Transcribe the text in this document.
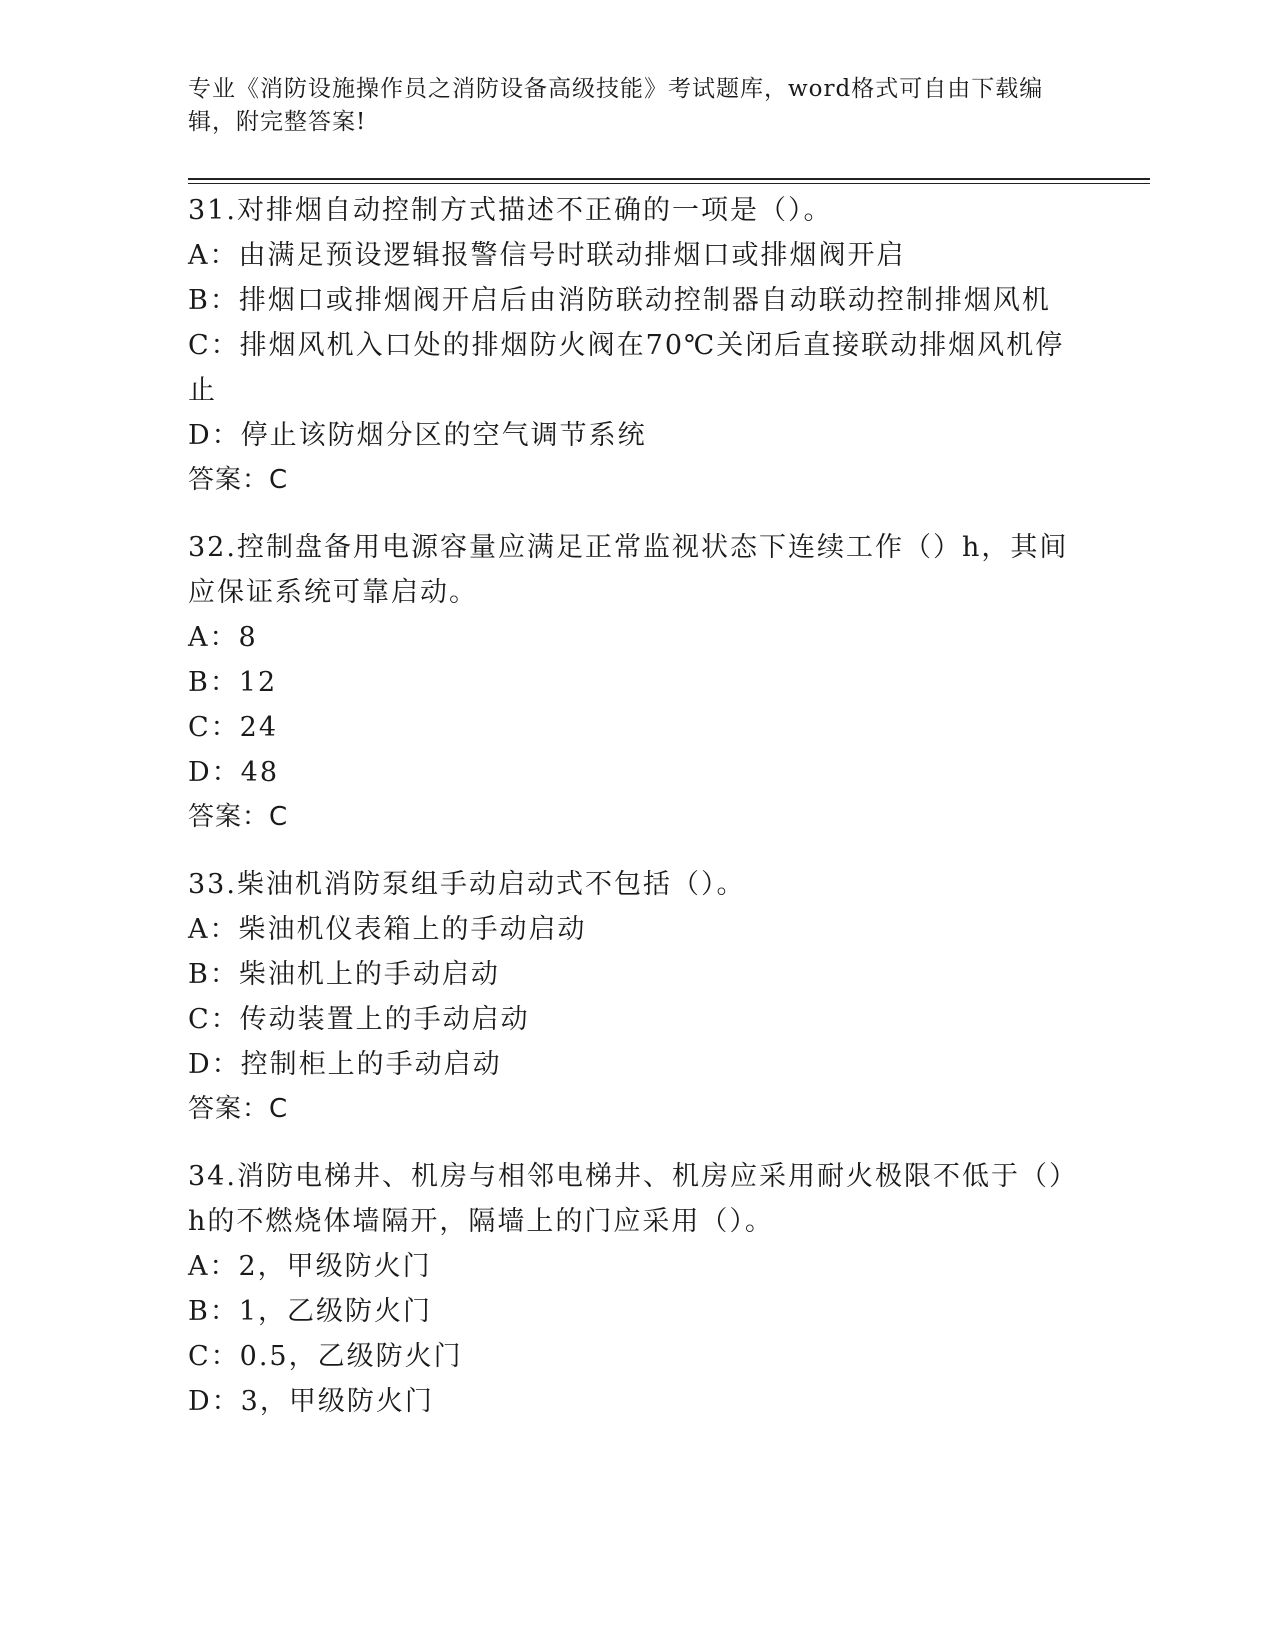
专业《消防设施操作员之消防设备高级技能》考试题库，word格式可自由下载编
辑，附完整答案!
31.对排烟自动控制方式描述不正确的一项是（）。
A：由满足预设逻辑报警信号时联动排烟口或排烟阀开启
B：排烟口或排烟阀开启后由消防联动控制器自动联动控制排烟风机
C：排烟风机入口处的排烟防火阀在70℃关闭后直接联动排烟风机停止
D：停止该防烟分区的空气调节系统
答案：C
32.控制盘备用电源容量应满足正常监视状态下连续工作（）h，其间
应保证系统可靠启动。
A：8
B：12
C：24
D：48
答案：C
33.柴油机消防泵组手动启动式不包括（）。
A：柴油机仪表箱上的手动启动
B：柴油机上的手动启动
C：传动装置上的手动启动
D：控制柜上的手动启动
答案：C
34.消防电梯井、机房与相邻电梯井、机房应采用耐火极限不低于（）
h的不燃烧体墙隔开，隔墙上的门应采用（）。
A：2，甲级防火门
B：1，乙级防火门
C：0.5，乙级防火门
D：3，甲级防火门
